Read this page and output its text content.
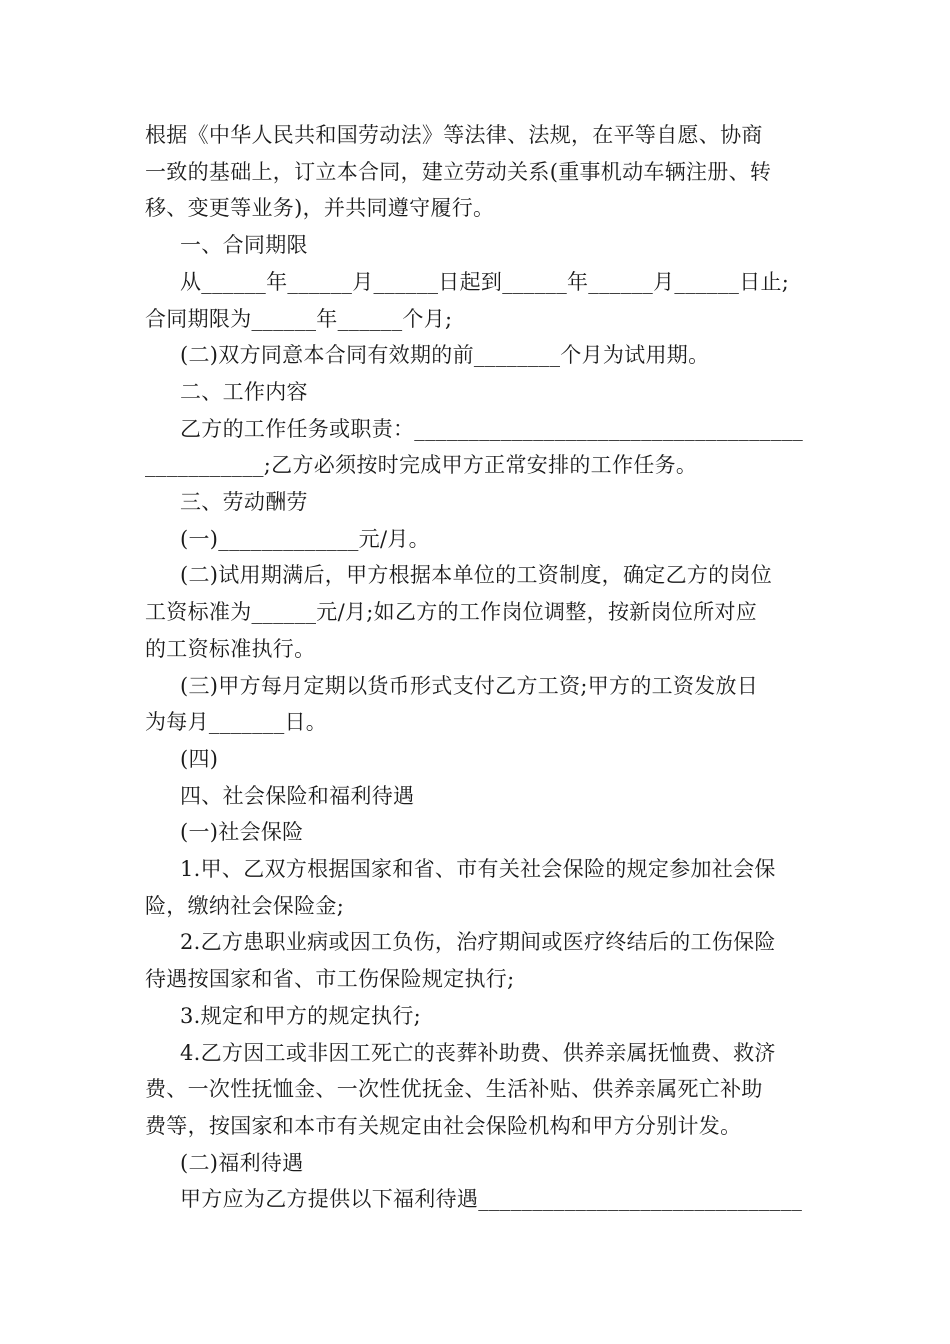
根据《中华人民共和国劳动法》等法律、法规，在平等自愿、协商

一致的基础上，订立本合同，建立劳动关系(重事机动车辆注册、转

移、变更等业务)，并共同遵守履行。

一、合同期限

从______年______月______日起到______年______月______日止;

合同期限为______年______个月;

(二)双方同意本合同有效期的前________个月为试用期。

二、工作内容

乙方的工作任务或职责：____________________________________

___________;乙方必须按时完成甲方正常安排的工作任务。

三、劳动酬劳

(一)_____________元/月。

(二)试用期满后，甲方根据本单位的工资制度，确定乙方的岗位

工资标准为______元/月;如乙方的工作岗位调整，按新岗位所对应

的工资标准执行。

(三)甲方每月定期以货币形式支付乙方工资;甲方的工资发放日

为每月_______日。

(四)

四、社会保险和福利待遇

(一)社会保险

1.甲、乙双方根据国家和省、市有关社会保险的规定参加社会保

险，缴纳社会保险金;

2.乙方患职业病或因工负伤，治疗期间或医疗终结后的工伤保险

待遇按国家和省、市工伤保险规定执行;

3.规定和甲方的规定执行;

4.乙方因工或非因工死亡的丧葬补助费、供养亲属抚恤费、救济

费、一次性抚恤金、一次性优抚金、生活补贴、供养亲属死亡补助

费等，按国家和本市有关规定由社会保险机构和甲方分别计发。

(二)福利待遇

甲方应为乙方提供以下福利待遇______________________________
